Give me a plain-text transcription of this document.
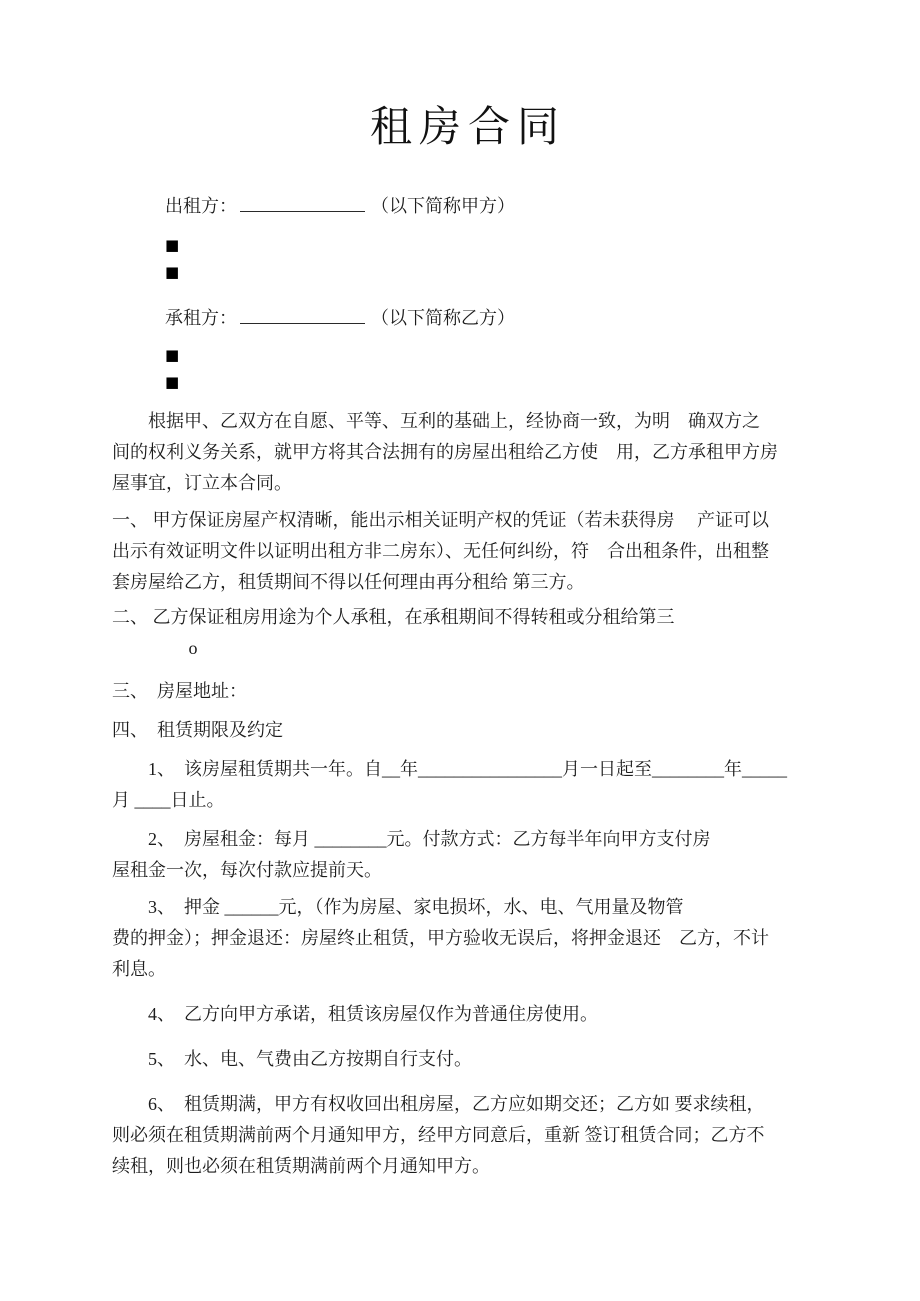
租房合同
出租方：	（以下简称甲方）
■
■
承租方：	（以下简称乙方）
■
■
　　根据甲、乙双方在自愿、平等、互利的基础上，经协商一致，为明　确双方之
间的权利义务关系，就甲方将其合法拥有的房屋出租给乙方使　用，乙方承租甲方房
屋事宜，订立本合同。
一、 甲方保证房屋产权清晰，能出示相关证明产权的凭证（若未获得房　 产证可以
出示有效证明文件以证明出租方非二房东）、无任何纠纷，符　合出租条件，出租整
套房屋给乙方，租赁期间不得以任何理由再分租给 第三方。
二、 乙方保证租房用途为个人承租，在承租期间不得转租或分租给第三
　　　　 o
三、　房屋地址：
四、　租赁期限及约定
　　1、　该房屋租赁期共一年。自__年________________月一日起至________年_____
月 ____日止。
　　2、　房屋租金：每月 ________元。付款方式：乙方每半年向甲方支付房
屋租金一次，每次付款应提前天。
　　3、　押金 ______元，（作为房屋、家电损坏，水、电、气用量及物管
费的押金）；押金退还：房屋终止租赁，甲方验收无误后，将押金退还　乙方，不计
利息。
　　4、　乙方向甲方承诺，租赁该房屋仅作为普通住房使用。
　　5、　水、电、气费由乙方按期自行支付。
　　6、　租赁期满，甲方有权收回出租房屋，乙方应如期交还；乙方如 要求续租，
则必须在租赁期满前两个月通知甲方，经甲方同意后，重新 签订租赁合同；乙方不
续租，则也必须在租赁期满前两个月通知甲方。
